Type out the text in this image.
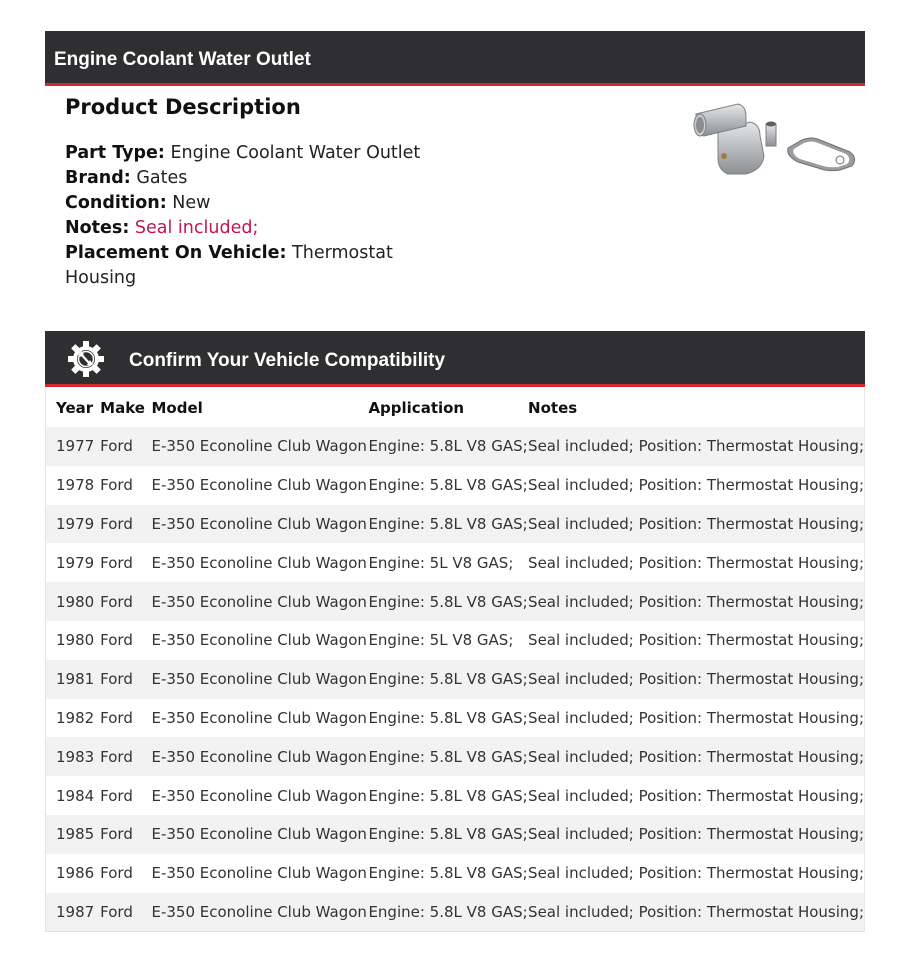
Engine Coolant Water Outlet
Product Description
Part Type: Engine Coolant Water Outlet
Brand: Gates
Condition: New
Notes: Seal included;
Placement On Vehicle: Thermostat Housing
Confirm Your Vehicle Compatibility
Year	Make	Model	Application	Notes
1977	Ford	E-350 Econoline Club Wagon	Engine: 5.8L V8 GAS;	Seal included; Position: Thermostat Housing;
1978	Ford	E-350 Econoline Club Wagon	Engine: 5.8L V8 GAS;	Seal included; Position: Thermostat Housing;
1979	Ford	E-350 Econoline Club Wagon	Engine: 5.8L V8 GAS;	Seal included; Position: Thermostat Housing;
1979	Ford	E-350 Econoline Club Wagon	Engine: 5L V8 GAS;	Seal included; Position: Thermostat Housing;
1980	Ford	E-350 Econoline Club Wagon	Engine: 5.8L V8 GAS;	Seal included; Position: Thermostat Housing;
1980	Ford	E-350 Econoline Club Wagon	Engine: 5L V8 GAS;	Seal included; Position: Thermostat Housing;
1981	Ford	E-350 Econoline Club Wagon	Engine: 5.8L V8 GAS;	Seal included; Position: Thermostat Housing;
1982	Ford	E-350 Econoline Club Wagon	Engine: 5.8L V8 GAS;	Seal included; Position: Thermostat Housing;
1983	Ford	E-350 Econoline Club Wagon	Engine: 5.8L V8 GAS;	Seal included; Position: Thermostat Housing;
1984	Ford	E-350 Econoline Club Wagon	Engine: 5.8L V8 GAS;	Seal included; Position: Thermostat Housing;
1985	Ford	E-350 Econoline Club Wagon	Engine: 5.8L V8 GAS;	Seal included; Position: Thermostat Housing;
1986	Ford	E-350 Econoline Club Wagon	Engine: 5.8L V8 GAS;	Seal included; Position: Thermostat Housing;
1987	Ford	E-350 Econoline Club Wagon	Engine: 5.8L V8 GAS;	Seal included; Position: Thermostat Housing;
